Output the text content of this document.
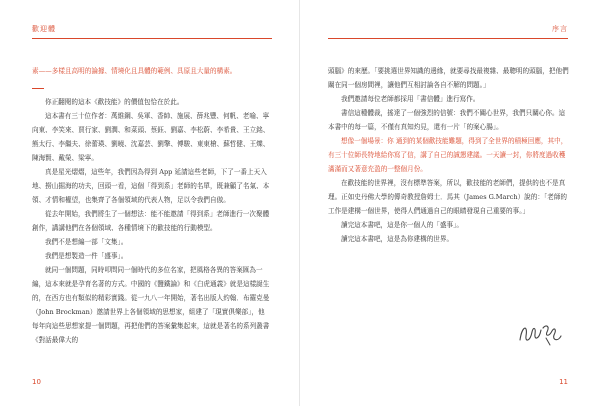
歡迎體

素——多樣且高明的論據、情境化且具體的範例、具原且大量的構素。

你正翻閱的這本《歡技能》的價值包恰在於此。

這本書有三十位作者：萬維鋼、吳軍、香帥、施展、薛兆豐、何帆、老喻、寧向東、李笑來、賈行家、劉潤、和菜頭、蔡鈺、劉嘉、李松蔚、李希貴、王立銘、熊太行、李繼夫、徐蕾瑛、劉曉、沈嘉芸、劉擎、傅駿、東東槍、蘇哲健、王爍、陳海賢、戴榮、梁寧。

真是星光熠熠，這些年，我們因為得到 App 延請這些老師，下了一番上天入地、撈山掘海的功夫，回頭一看，這個「得到系」老師的名單，既兼顧了名氣、本領、才情和權望，也集齊了各個領域的代表人物，足以令我們自傲。

從去年開始，我們將生了一個想法：能不能邀請「得到系」老師進行一次聚體創作，講講他們在各個領域、各種情境下的歡技能的行動模型。

我們不是想編一部「文集」。

我們是想製造一件「盛事」。

就同一個問題，同時叩問同一個時代的多位名家，把風格各異的答案匯為一編，這本來就是孕育名著的方式。中國的《鹽鐵論》和《白虎通義》就是這樣誕生的，在西方也有類似的精彩實踐。從一九八一年開始，著名出版人約翰．布羅克曼（John Brockman）邀請世界上各個領域的思想家，組建了「現實俱樂部」，他每年向這些思想家提一個問題，再把他們的答案彙集起來，這就是著名的系列叢書《對話最偉大的

10
序言

頭腦》的來歷。「要挑選世界知識的邊緣，就要尋找最複雜、最聰明的頭腦，把他們關在同一個房間裡，讓他們互相討論各自不解的問題。」

我們邀請每位老師都採用「書信體」進行寫作。

書信這種體裁，搖達了一個強烈的信號：我們不關心世界，我們只關心你。這本書中的每一篇，不僅有真知灼見，還有一片「的案心腸」。

想像一個場景：你 通到的某個歡技能難題，得到了全世界的積極回應，其中，有三十位師長特地給你寫了信，講了自己的誠懇建議。一天讀一封，你將度過收穫滿滿而又著意充盈的一整個月份。

在歡技能的世界裡，沒有標準答案，所以，歡技能的老師們，提供的也不是真理。正如史丹佛大學的傳奇教授詹姆士．馬其（James G.March）說的：「老師的工作是建構一個世界，使得人們通過自己的眼睛發現自己重要的事。」

讀完這本書吧，這是你一個人的「盛事」。

讀完這本書吧，這是為你建構的世界。

11
